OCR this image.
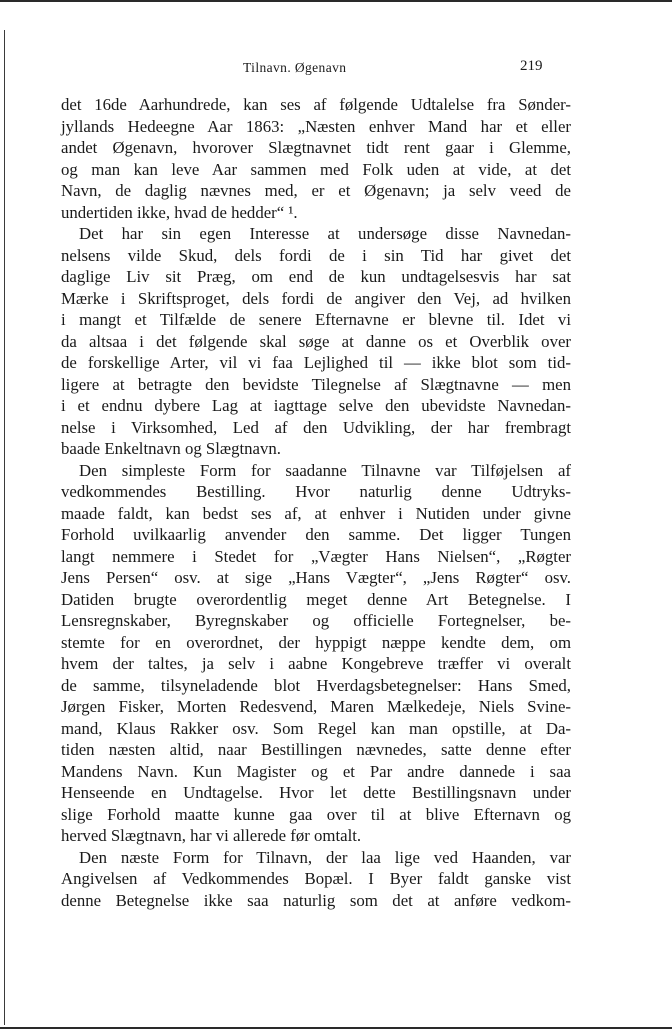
Tilnavn. Øgenavn	219
det 16de Aarhundrede, kan ses af følgende Udtalelse fra Sønder-
jyllands Hedeegne Aar 1863: „Næsten enhver Mand har et eller
andet Øgenavn, hvorover Slægtnavnet tidt rent gaar i Glemme,
og man kan leve Aar sammen med Folk uden at vide, at det
Navn, de daglig nævnes med, er et Øgenavn; ja selv veed de
undertiden ikke, hvad de hedder“ ¹.
Det har sin egen Interesse at undersøge disse Navnedan-
nelsens vilde Skud, dels fordi de i sin Tid har givet det
daglige Liv sit Præg, om end de kun undtagelsesvis har sat
Mærke i Skriftsproget, dels fordi de angiver den Vej, ad hvilken
i mangt et Tilfælde de senere Efternavne er blevne til. Idet vi
da altsaa i det følgende skal søge at danne os et Overblik over
de forskellige Arter, vil vi faa Lejlighed til — ikke blot som tid-
ligere at betragte den bevidste Tilegnelse af Slægtnavne — men
i et endnu dybere Lag at iagttage selve den ubevidste Navnedan-
nelse i Virksomhed, Led af den Udvikling, der har frembragt
baade Enkeltnavn og Slægtnavn.
Den simpleste Form for saadanne Tilnavne var Tilføjelsen af
vedkommendes Bestilling. Hvor naturlig denne Udtryks-
maade faldt, kan bedst ses af, at enhver i Nutiden under givne
Forhold uvilkaarlig anvender den samme. Det ligger Tungen
langt nemmere i Stedet for „Vægter Hans Nielsen“, „Røgter
Jens Persen“ osv. at sige „Hans Vægter“, „Jens Røgter“ osv.
Datiden brugte overordentlig meget denne Art Betegnelse. I
Lensregnskaber, Byregnskaber og officielle Fortegnelser, be-
stemte for en overordnet, der hyppigt næppe kendte dem, om
hvem der taltes, ja selv i aabne Kongebreve træffer vi overalt
de samme, tilsyneladende blot Hverdagsbetegnelser: Hans Smed,
Jørgen Fisker, Morten Redesvend, Maren Mælkedeje, Niels Svine-
mand, Klaus Rakker osv. Som Regel kan man opstille, at Da-
tiden næsten altid, naar Bestillingen nævnedes, satte denne efter
Mandens Navn. Kun Magister og et Par andre dannede i saa
Henseende en Undtagelse. Hvor let dette Bestillingsnavn under
slige Forhold maatte kunne gaa over til at blive Efternavn og
herved Slægtnavn, har vi allerede før omtalt.
Den næste Form for Tilnavn, der laa lige ved Haanden, var
Angivelsen af Vedkommendes Bopæl. I Byer faldt ganske vist
denne Betegnelse ikke saa naturlig som det at anføre vedkom-
